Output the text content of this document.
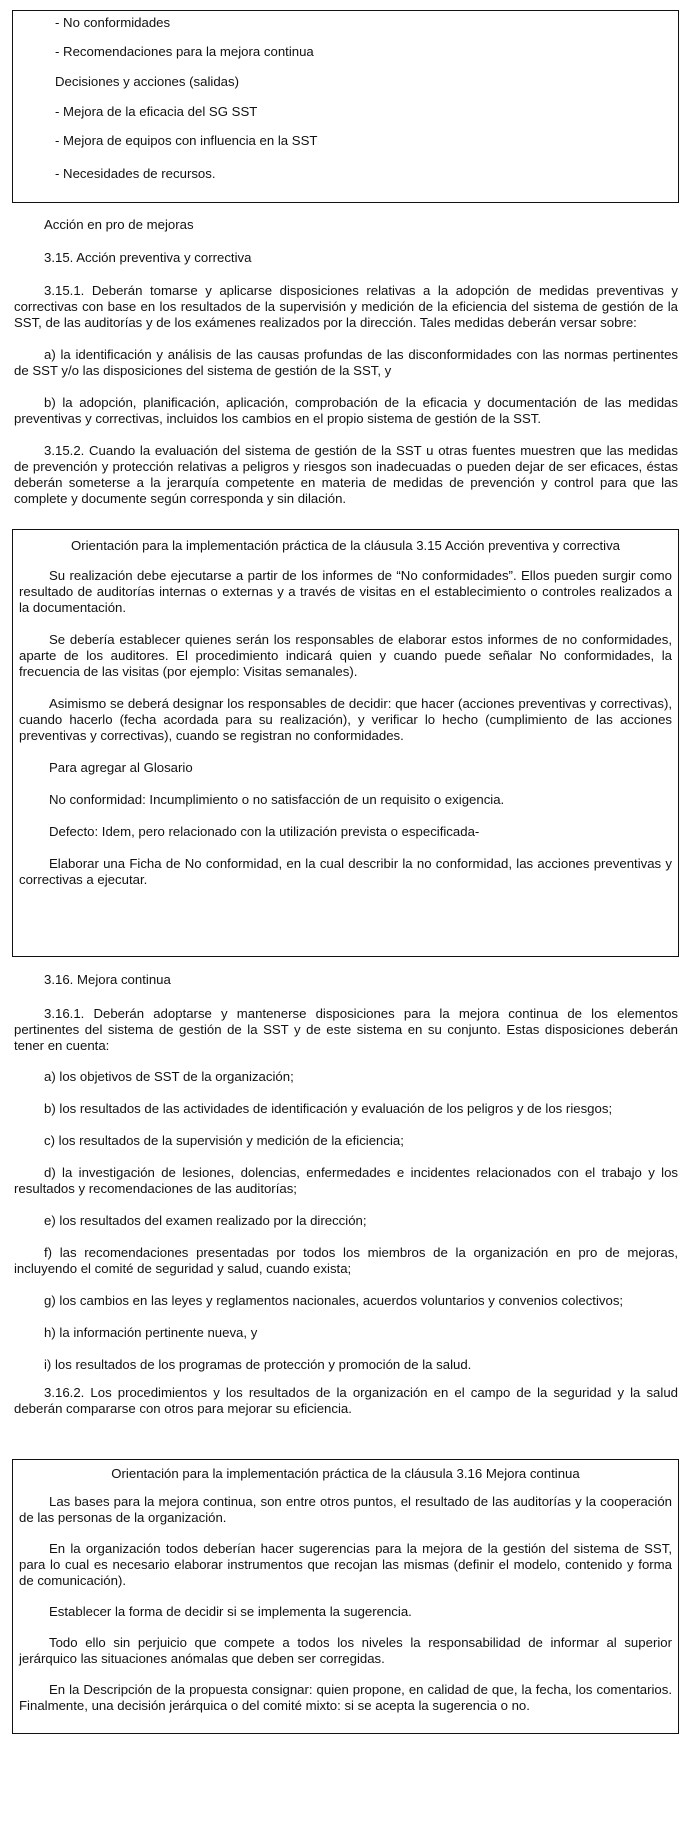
- No conformidades

- Recomendaciones para la mejora continua

Decisiones y acciones (salidas)

- Mejora de la eficacia del SG SST

- Mejora de equipos con influencia en la SST

- Necesidades de recursos.

Acción en pro de mejoras

3.15. Acción preventiva y correctiva

3.15.1. Deberán tomarse y aplicarse disposiciones relativas a la adopción de medidas preventivas y correctivas con base en los resultados de la supervisión y medición de la eficiencia del sistema de gestión de la SST, de las auditorías y de los exámenes realizados por la dirección. Tales medidas deberán versar sobre:

a) la identificación y análisis de las causas profundas de las disconformidades con las normas pertinentes de SST y/o las disposiciones del sistema de gestión de la SST, y

b) la adopción, planificación, aplicación, comprobación de la eficacia y documentación de las medidas preventivas y correctivas, incluidos los cambios en el propio sistema de gestión de la SST.

3.15.2. Cuando la evaluación del sistema de gestión de la SST u otras fuentes muestren que las medidas de prevención y protección relativas a peligros y riesgos son inadecuadas o pueden dejar de ser eficaces, éstas deberán someterse a la jerarquía competente en materia de medidas de prevención y control para que las complete y documente según corresponda y sin dilación.

Orientación para la implementación práctica de la cláusula 3.15 Acción preventiva y correctiva

Su realización debe ejecutarse a partir de los informes de “No conformidades”. Ellos pueden surgir como resultado de auditorías internas o externas y a través de visitas en el establecimiento o controles realizados a la documentación.

Se debería establecer quienes serán los responsables de elaborar estos informes de no conformidades, aparte de los auditores. El procedimiento indicará quien y cuando puede señalar No conformidades, la frecuencia de las visitas (por ejemplo: Visitas semanales).

Asimismo se deberá designar los responsables de decidir: que hacer (acciones preventivas y correctivas), cuando hacerlo (fecha acordada para su realización), y verificar lo hecho (cumplimiento de las acciones preventivas y correctivas), cuando se registran no conformidades.

Para agregar al Glosario

No conformidad: Incumplimiento o no satisfacción de un requisito o exigencia.

Defecto: Idem, pero relacionado con la utilización prevista o especificada-

Elaborar una Ficha de No conformidad, en la cual describir la no conformidad, las acciones preventivas y correctivas a ejecutar.

3.16. Mejora continua

3.16.1. Deberán adoptarse y mantenerse disposiciones para la mejora continua de los elementos pertinentes del sistema de gestión de la SST y de este sistema en su conjunto. Estas disposiciones deberán tener en cuenta:

a) los objetivos de SST de la organización;

b) los resultados de las actividades de identificación y evaluación de los peligros y de los riesgos;

c) los resultados de la supervisión y medición de la eficiencia;

d) la investigación de lesiones, dolencias, enfermedades e incidentes relacionados con el trabajo y los resultados y recomendaciones de las auditorías;

e) los resultados del examen realizado por la dirección;

f) las recomendaciones presentadas por todos los miembros de la organización en pro de mejoras, incluyendo el comité de seguridad y salud, cuando exista;

g) los cambios en las leyes y reglamentos nacionales, acuerdos voluntarios y convenios colectivos;

h) la información pertinente nueva, y

i) los resultados de los programas de protección y promoción de la salud.

3.16.2. Los procedimientos y los resultados de la organización en el campo de la seguridad y la salud deberán compararse con otros para mejorar su eficiencia.

Orientación para la implementación práctica de la cláusula 3.16 Mejora continua

Las bases para la mejora continua, son entre otros puntos, el resultado de las auditorías y la cooperación de las personas de la organización.

En la organización todos deberían hacer sugerencias para la mejora de la gestión del sistema de SST, para lo cual es necesario elaborar instrumentos que recojan las mismas (definir el modelo, contenido y forma de comunicación).

Establecer la forma de decidir si se implementa la sugerencia.

Todo ello sin perjuicio que compete a todos los niveles la responsabilidad de informar al superior jerárquico las situaciones anómalas que deben ser corregidas.

En la Descripción de la propuesta consignar: quien propone, en calidad de que, la fecha, los comentarios. Finalmente, una decisión jerárquica o del comité mixto: si se acepta la sugerencia o no.
